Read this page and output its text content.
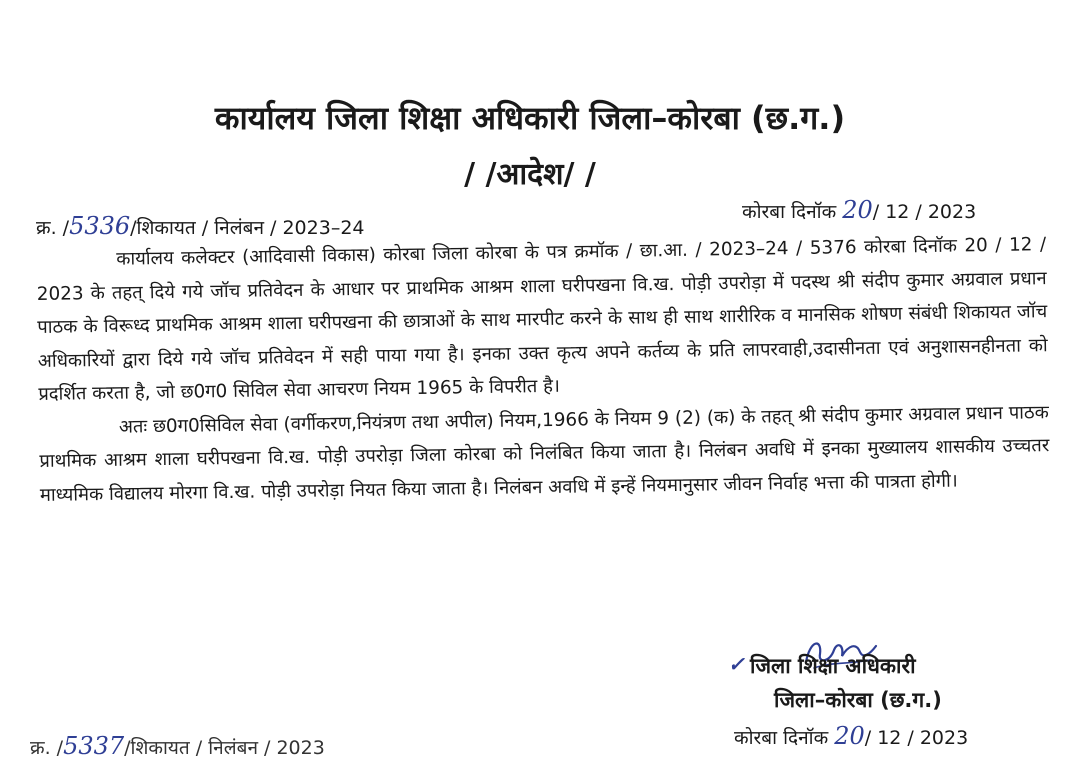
कार्यालय जिला शिक्षा अधिकारी जिला–कोरबा (छ.ग.)
/ /आदेश/ /
क्र. /5336/शिकायत / निलंबन / 2023–24
कोरबा दिनॉक 20/ 12 / 2023

कार्यालय कलेक्टर (आदिवासी विकास) कोरबा जिला कोरबा के पत्र क्रमॉक / छा.आ. / 2023–24 / 5376 कोरबा दिनॉक 20 / 12 / 2023 के तहत् दिये गये जॉच प्रतिवेदन के आधार पर प्राथमिक आश्रम शाला घरीपखना वि.ख. पोड़ी उपरोड़ा में पदस्थ श्री संदीप कुमार अग्रवाल प्रधान पाठक के विरूध्द प्राथमिक आश्रम शाला घरीपखना की छात्राओं के साथ मारपीट करने के साथ ही साथ शारीरिक व मानसिक शोषण संबंधी शिकायत जॉच अधिकारियों द्वारा दिये गये जॉच प्रतिवेदन में सही पाया गया है। इनका उक्त कृत्य अपने कर्तव्य के प्रति लापरवाही,उदासीनता एवं अनुशासनहीनता को प्रदर्शित करता है, जो छ0ग0 सिविल सेवा आचरण नियम 1965 के विपरीत है।

अतः छ0ग0सिविल सेवा (वर्गीकरण,नियंत्रण तथा अपील) नियम,1966 के नियम 9 (2) (क) के तहत् श्री संदीप कुमार अग्रवाल प्रधान पाठक प्राथमिक आश्रम शाला घरीपखना वि.ख. पोड़ी उपरोड़ा जिला कोरबा को निलंबित किया जाता है। निलंबन अवधि में इनका मुख्यालय शासकीय उच्चतर माध्यमिक विद्यालय मोरगा वि.ख. पोड़ी उपरोड़ा नियत किया जाता है। निलंबन अवधि में इन्हें नियमानुसार जीवन निर्वाह भत्ता की पात्रता होगी।

✓ जिला शिक्षा अधिकारी
जिला–कोरबा (छ.ग.)
कोरबा दिनॉक 20/ 12 / 2023
क्र. /5337/शिकायत / निलंबन / 2023
